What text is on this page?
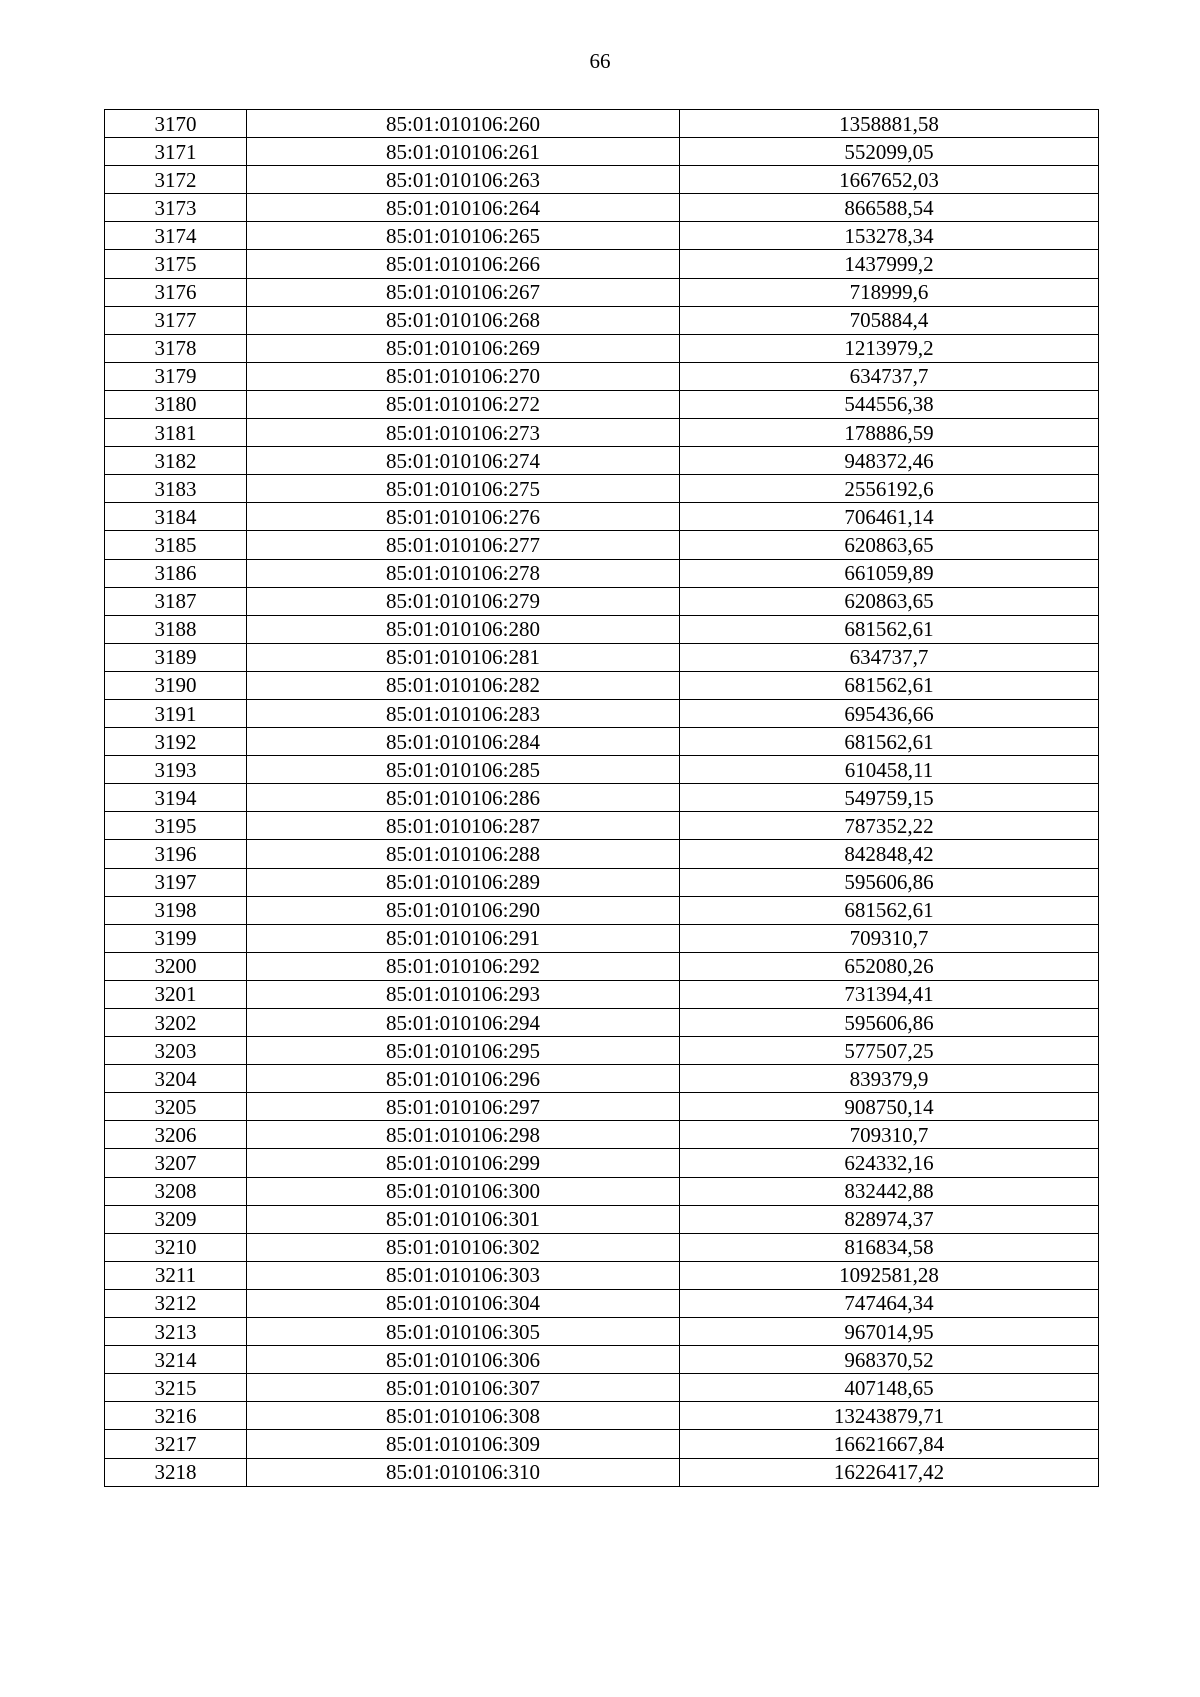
66
3170	85:01:010106:260	1358881,58
3171	85:01:010106:261	552099,05
3172	85:01:010106:263	1667652,03
3173	85:01:010106:264	866588,54
3174	85:01:010106:265	153278,34
3175	85:01:010106:266	1437999,2
3176	85:01:010106:267	718999,6
3177	85:01:010106:268	705884,4
3178	85:01:010106:269	1213979,2
3179	85:01:010106:270	634737,7
3180	85:01:010106:272	544556,38
3181	85:01:010106:273	178886,59
3182	85:01:010106:274	948372,46
3183	85:01:010106:275	2556192,6
3184	85:01:010106:276	706461,14
3185	85:01:010106:277	620863,65
3186	85:01:010106:278	661059,89
3187	85:01:010106:279	620863,65
3188	85:01:010106:280	681562,61
3189	85:01:010106:281	634737,7
3190	85:01:010106:282	681562,61
3191	85:01:010106:283	695436,66
3192	85:01:010106:284	681562,61
3193	85:01:010106:285	610458,11
3194	85:01:010106:286	549759,15
3195	85:01:010106:287	787352,22
3196	85:01:010106:288	842848,42
3197	85:01:010106:289	595606,86
3198	85:01:010106:290	681562,61
3199	85:01:010106:291	709310,7
3200	85:01:010106:292	652080,26
3201	85:01:010106:293	731394,41
3202	85:01:010106:294	595606,86
3203	85:01:010106:295	577507,25
3204	85:01:010106:296	839379,9
3205	85:01:010106:297	908750,14
3206	85:01:010106:298	709310,7
3207	85:01:010106:299	624332,16
3208	85:01:010106:300	832442,88
3209	85:01:010106:301	828974,37
3210	85:01:010106:302	816834,58
3211	85:01:010106:303	1092581,28
3212	85:01:010106:304	747464,34
3213	85:01:010106:305	967014,95
3214	85:01:010106:306	968370,52
3215	85:01:010106:307	407148,65
3216	85:01:010106:308	13243879,71
3217	85:01:010106:309	16621667,84
3218	85:01:010106:310	16226417,42
